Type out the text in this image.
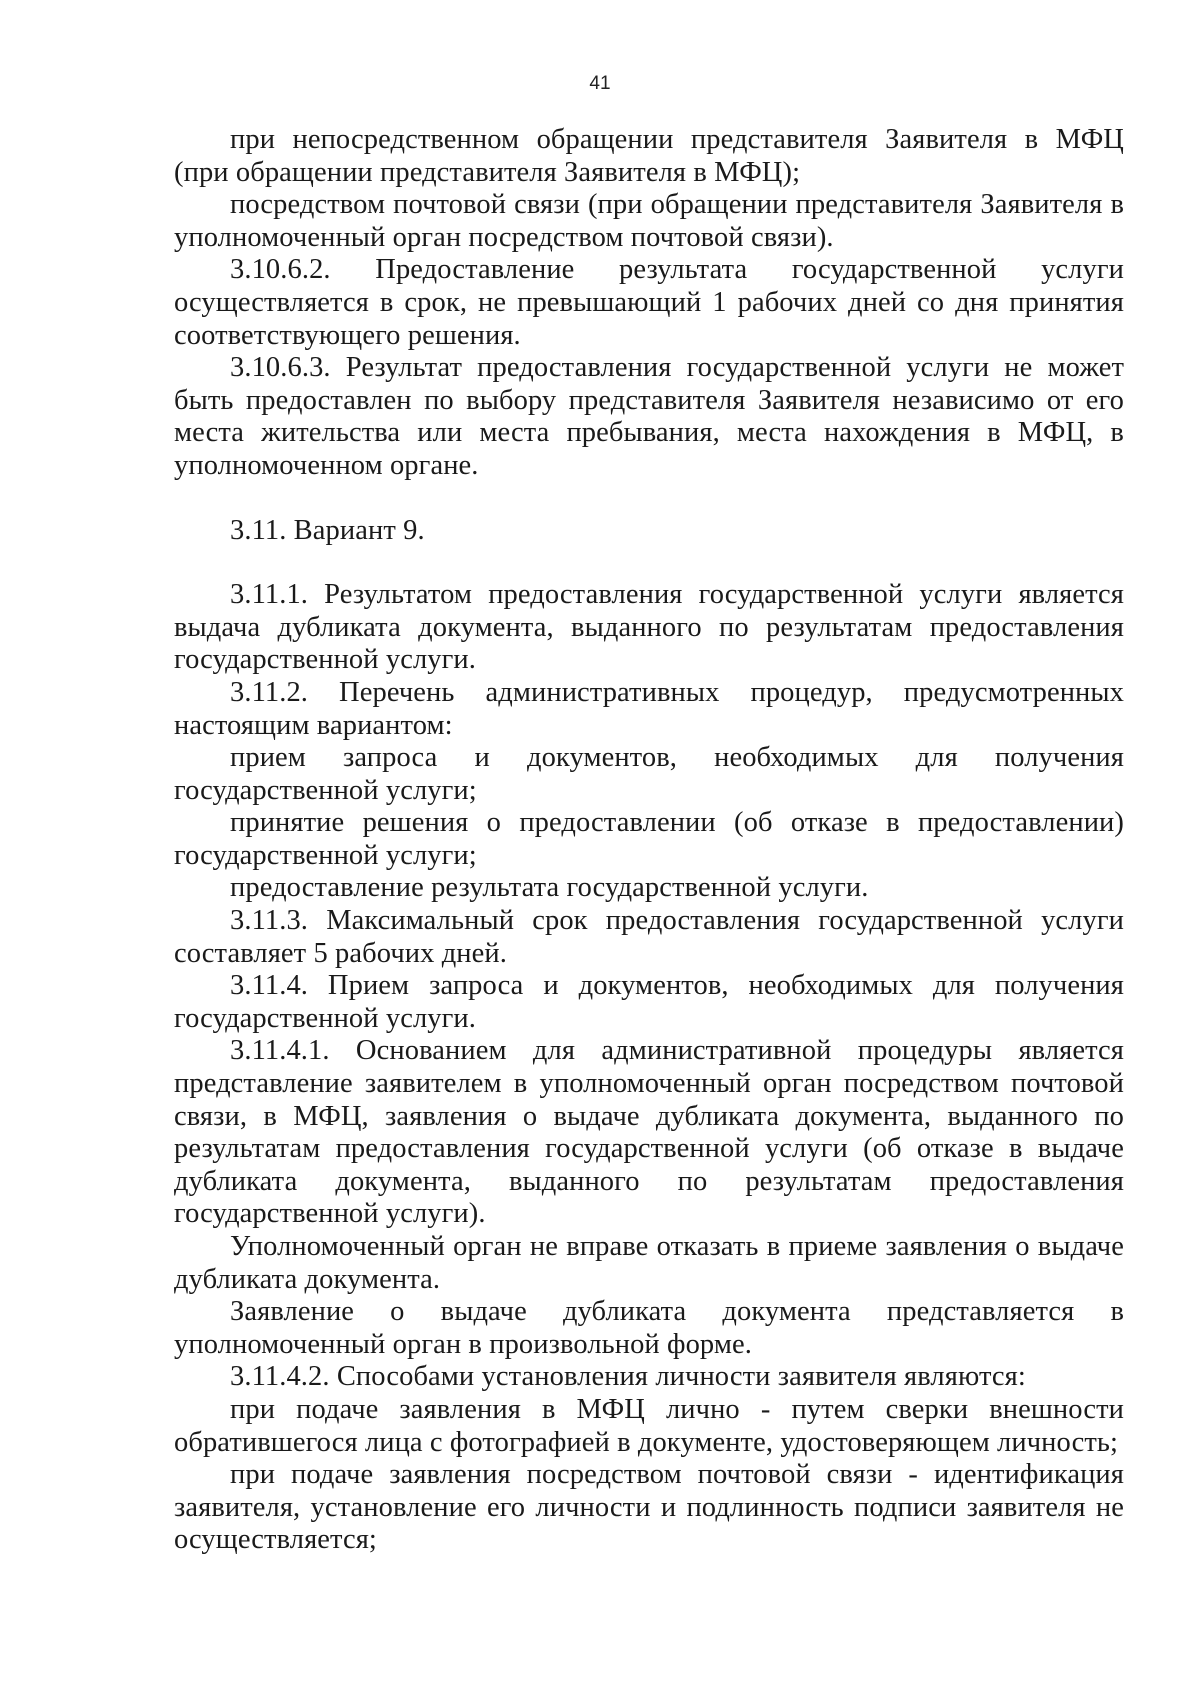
41

при непосредственном обращении представителя Заявителя в МФЦ (при обращении представителя Заявителя в МФЦ);

посредством почтовой связи (при обращении представителя Заявителя в уполномоченный орган посредством почтовой связи).

3.10.6.2. Предоставление результата государственной услуги осуществляется в срок, не превышающий 1 рабочих дней со дня принятия соответствующего решения.

3.10.6.3. Результат предоставления государственной услуги не может быть предоставлен по выбору представителя Заявителя независимо от его места жительства или места пребывания, места нахождения в МФЦ, в уполномоченном органе.

3.11. Вариант 9.

3.11.1. Результатом предоставления государственной услуги является выдача дубликата документа, выданного по результатам предоставления государственной услуги.

3.11.2. Перечень административных процедур, предусмотренных настоящим вариантом:

прием запроса и документов, необходимых для получения государственной услуги;

принятие решения о предоставлении (об отказе в предоставлении) государственной услуги;

предоставление результата государственной услуги.

3.11.3. Максимальный срок предоставления государственной услуги составляет 5 рабочих дней.

3.11.4. Прием запроса и документов, необходимых для получения государственной услуги.

3.11.4.1. Основанием для административной процедуры является представление заявителем в уполномоченный орган посредством почтовой связи, в МФЦ, заявления о выдаче дубликата документа, выданного по результатам предоставления государственной услуги (об отказе в выдаче дубликата документа, выданного по результатам предоставления государственной услуги).

Уполномоченный орган не вправе отказать в приеме заявления о выдаче дубликата документа.

Заявление о выдаче дубликата документа представляется в уполномоченный орган в произвольной форме.

3.11.4.2. Способами установления личности заявителя являются:

при подаче заявления в МФЦ лично - путем сверки внешности обратившегося лица с фотографией в документе, удостоверяющем личность;

при подаче заявления посредством почтовой связи - идентификация заявителя, установление его личности и подлинность подписи заявителя не осуществляется;
